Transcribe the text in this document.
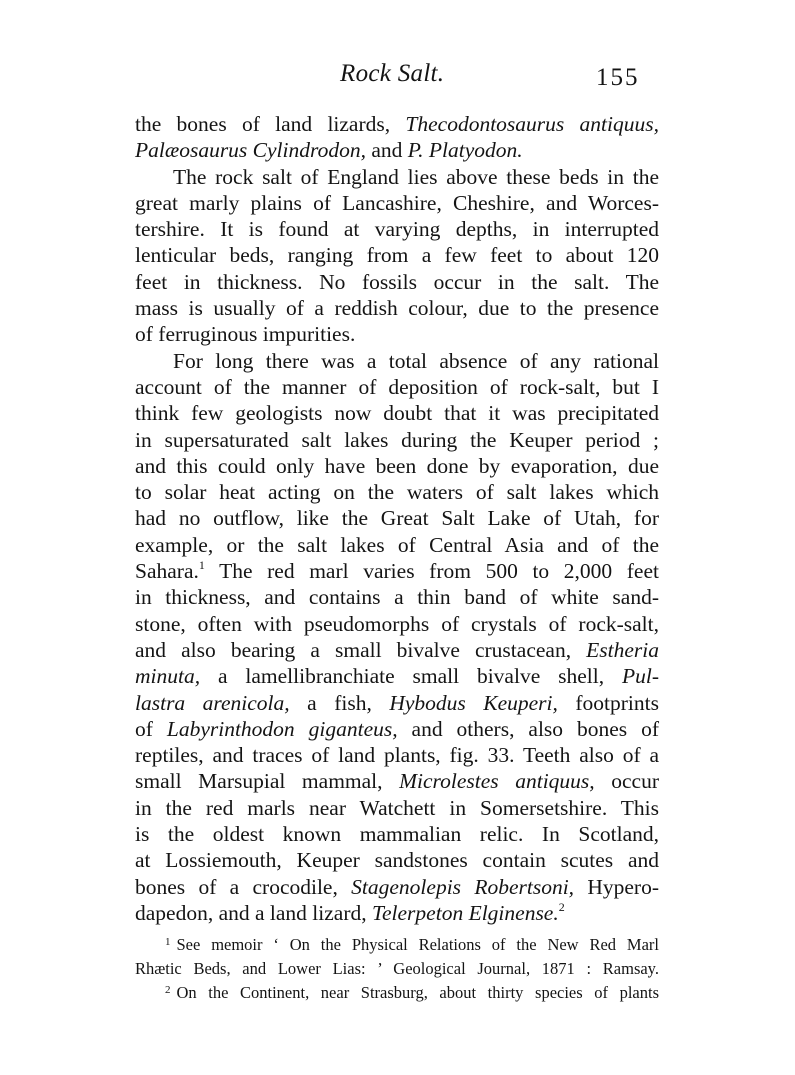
Rock Salt.	155
the bones of land lizards, Thecodontosaurus antiquus,
Palæosaurus Cylindrodon, and P. Platyodon.
The rock salt of England lies above these beds in the
great marly plains of Lancashire, Cheshire, and Worces-
tershire. It is found at varying depths, in interrupted
lenticular beds, ranging from a few feet to about 120
feet in thickness. No fossils occur in the salt. The
mass is usually of a reddish colour, due to the presence
of ferruginous impurities.
For long there was a total absence of any rational
account of the manner of deposition of rock-salt, but I
think few geologists now doubt that it was precipitated
in supersaturated salt lakes during the Keuper period ;
and this could only have been done by evaporation, due
to solar heat acting on the waters of salt lakes which
had no outflow, like the Great Salt Lake of Utah, for
example, or the salt lakes of Central Asia and of the
Sahara.$^1$ The red marl varies from 500 to 2,000 feet
in thickness, and contains a thin band of white sand-
stone, often with pseudomorphs of crystals of rock-salt,
and also bearing a small bivalve crustacean, Estheria
minuta, a lamellibranchiate small bivalve shell, Pul-
lastra arenicola, a fish, Hybodus Keuperi, footprints
of Labyrinthodon giganteus, and others, also bones of
reptiles, and traces of land plants, fig. 33. Teeth also of a
small Marsupial mammal, Microlestes antiquus, occur
in the red marls near Watchett in Somersetshire. This
is the oldest known mammalian relic. In Scotland,
at Lossiemouth, Keuper sandstones contain scutes and
bones of a crocodile, Stagenolepis Robertsoni, Hypero-
dapedon, and a land lizard, Telerpeton Elginense.$^2$
$^1$ See memoir ‘ On the Physical Relations of the New Red Marl
Rhætic Beds, and Lower Lias: ’ Geological Journal, 1871 : Ramsay.
$^2$ On the Continent, near Strasburg, about thirty species of plants
